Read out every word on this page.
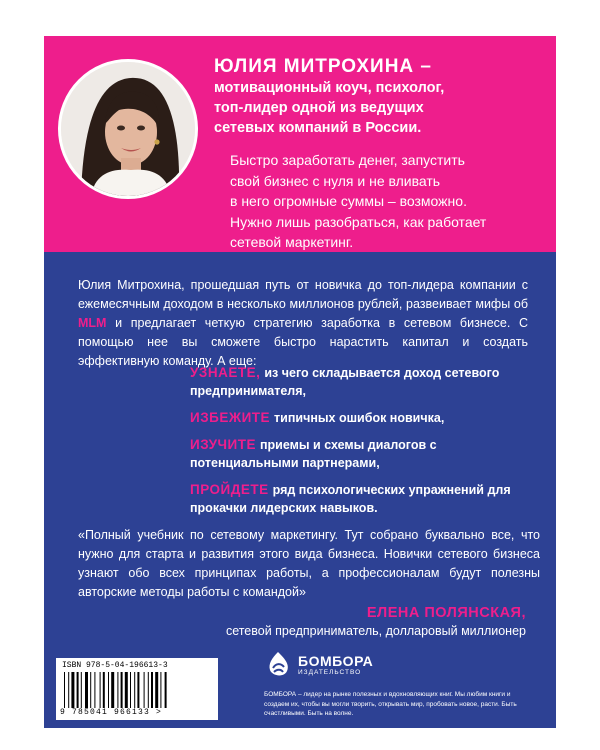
ЮЛИЯ МИТРОХИНА –

мотивационный коуч, психолог,

топ-лидер одной из ведущих

сетевых компаний в России.

Быстро заработать денег, запустить
свой бизнес с нуля и не вливать
в него огромные суммы – возможно.
Нужно лишь разобраться, как работает
сетевой маркетинг.

Юлия Митрохина, прошедшая путь от новичка до топ-лидера компании с ежемесячным доходом в несколько миллионов рублей, развеивает мифы об MLM и предлагает четкую стратегию заработка в сетевом бизнесе. С помощью нее вы сможете быстро нарастить капитал и создать эффективную команду. А еще:

УЗНАЕТЕ, из чего складывается доход сетевого предпринимателя,

ИЗБЕЖИТЕ типичных ошибок новичка,

ИЗУЧИТЕ приемы и схемы диалогов с потенциальными партнерами,

ПРОЙДЕТЕ ряд психологических упражнений для прокачки лидерских навыков.

«Полный учебник по сетевому маркетингу. Тут собрано буквально все, что нужно для старта и развития этого вида бизнеса. Новички сетевого бизнеса узнают обо всех принципах работы, а профессионалам будут полезны авторские методы работы с командой»

ЕЛЕНА ПОЛЯНСКАЯ,
сетевой предприниматель, долларовый миллионер
ISBN 978-5-04-196613-3
9 785041 966133 >
БОМБОРА
ИЗДАТЕЛЬСТВО
БОМБОРА – лидер на рынке полезных и вдохновляющих книг. Мы любим книги и создаем их, чтобы вы могли творить, открывать мир, пробовать новое, расти. Быть счастливыми. Быть на волне.
